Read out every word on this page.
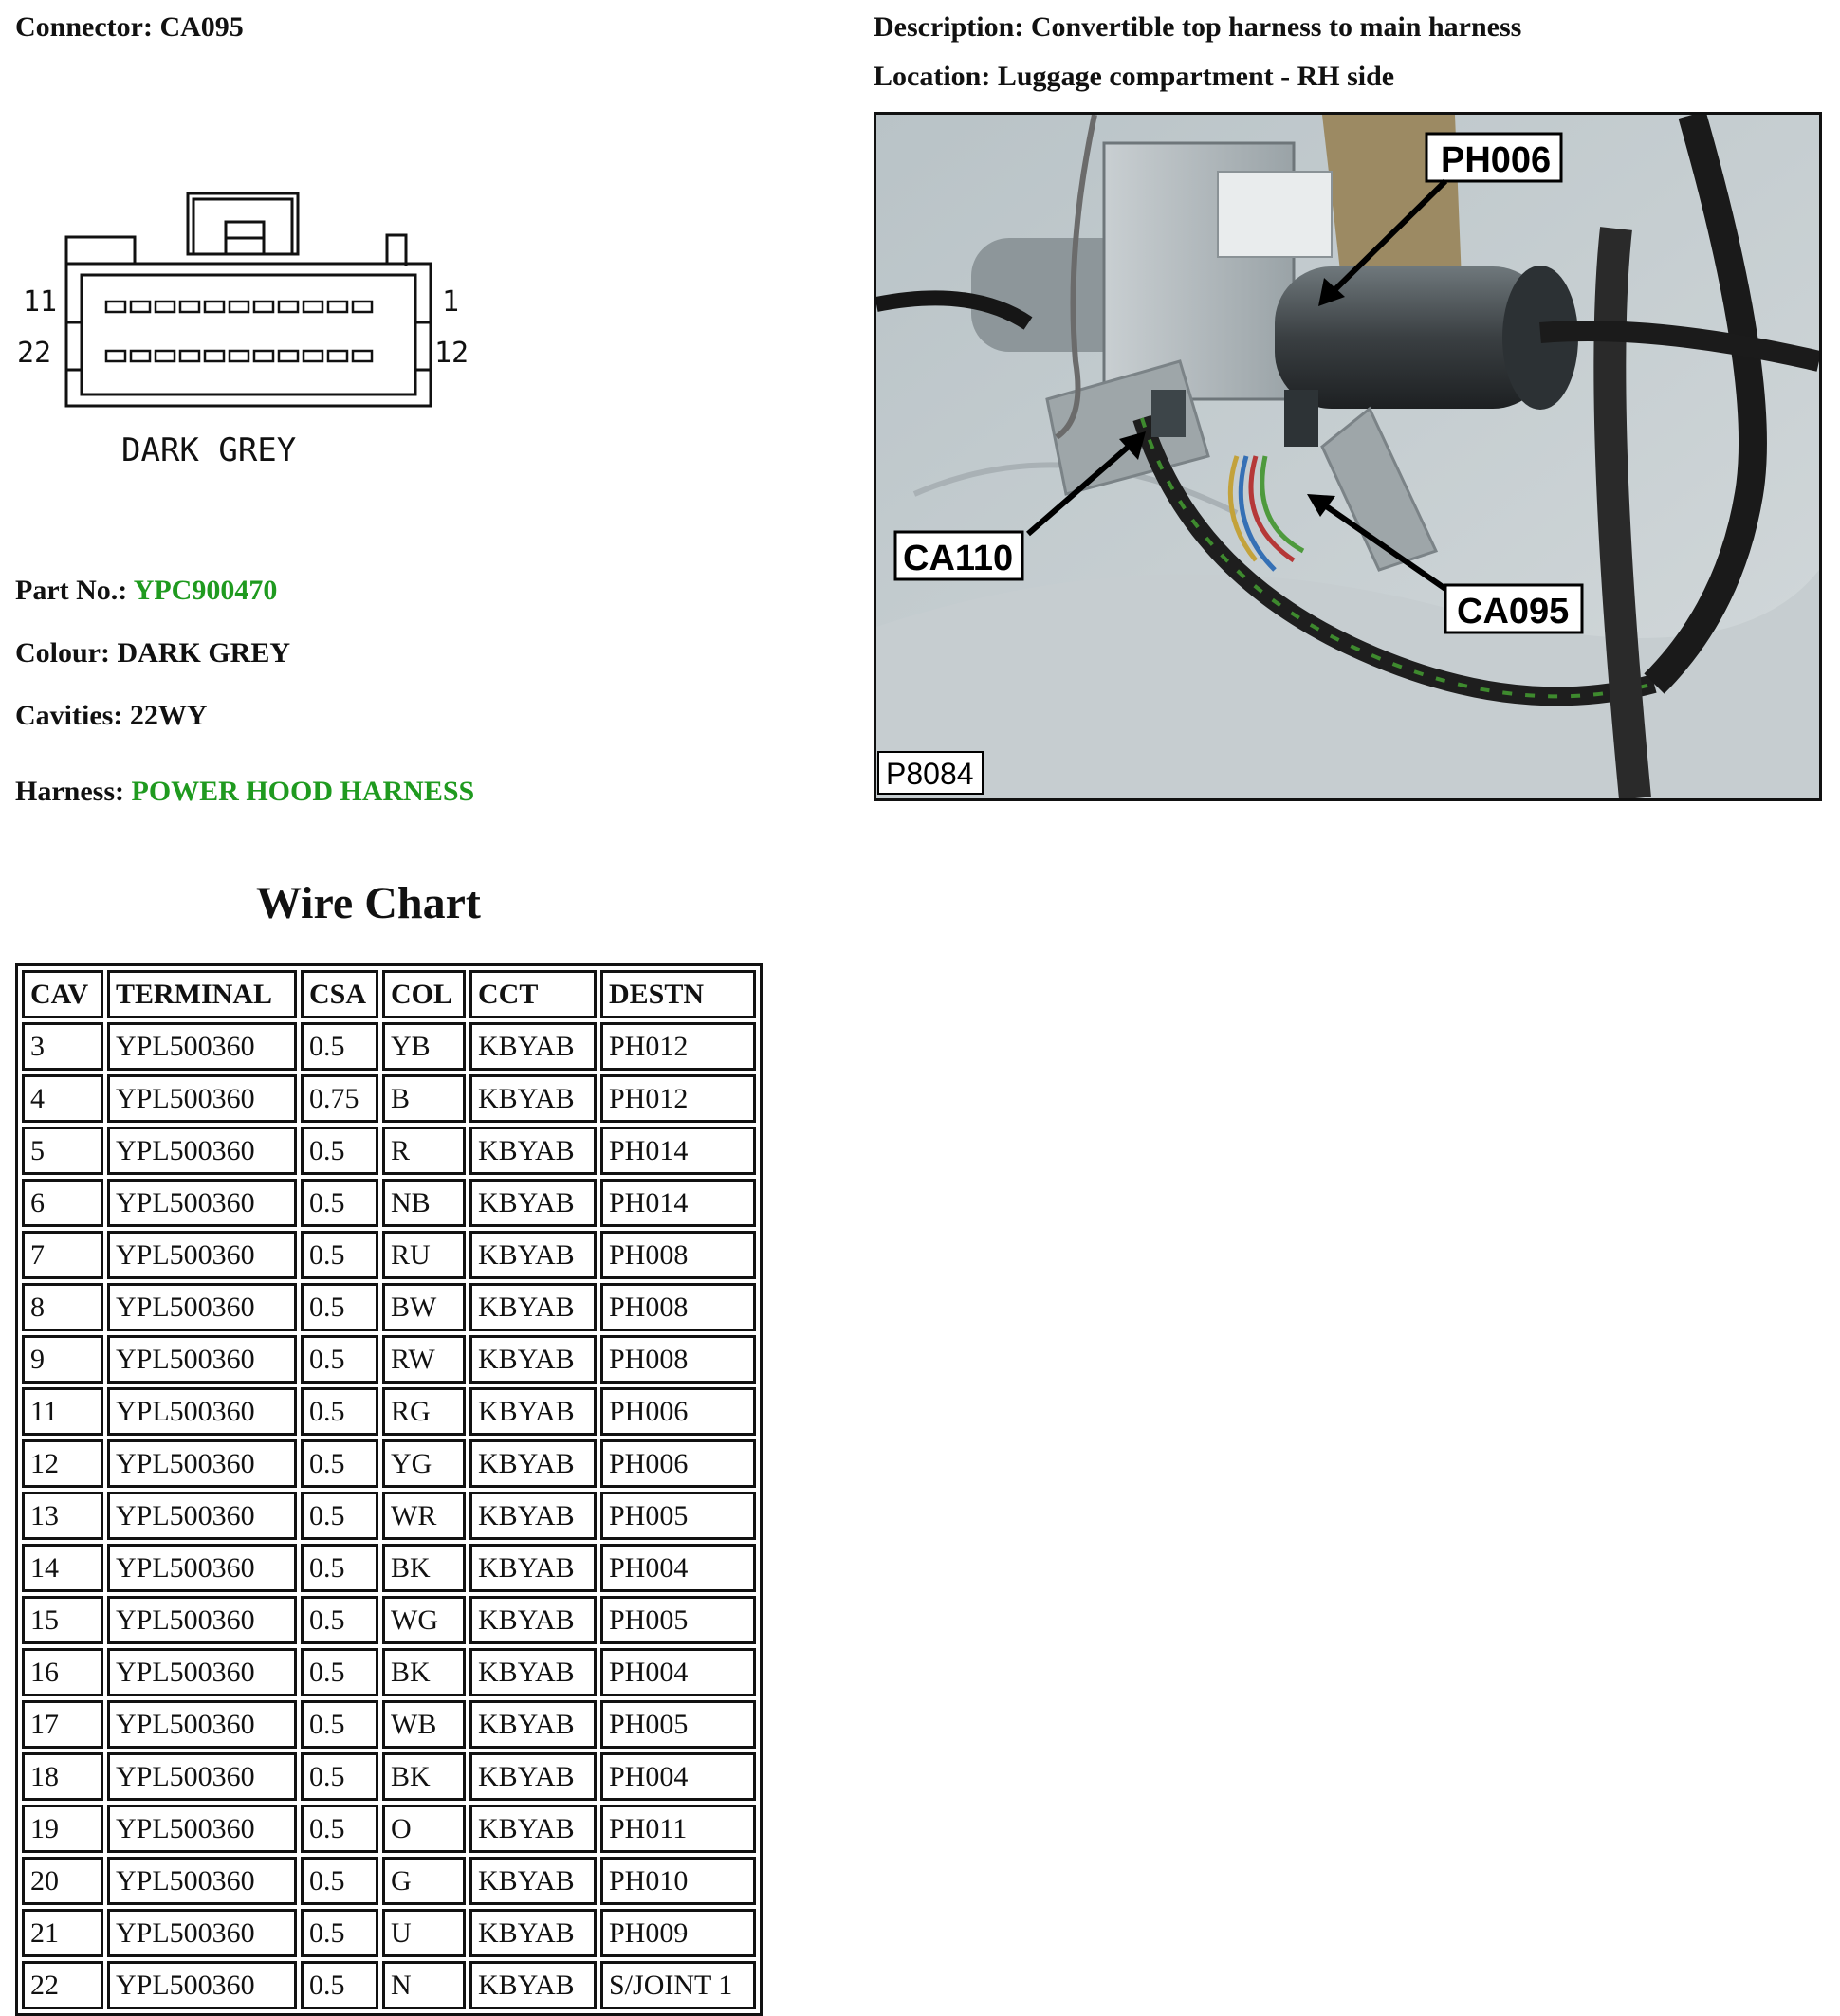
Connector: CA095	Description: Convertible top harness to main harness
Location: Luggage compartment - RH side
11
22
1
12
DARK GREY
Part No.: YPC900470
Colour: DARK GREY
Cavities: 22WY
Harness: POWER HOOD HARNESS
PH006
CA110
CA095
P8084
Wire Chart
CAV	TERMINAL	CSA	COL	CCT	DESTN
3	YPL500360	0.5	YB	KBYAB	PH012
4	YPL500360	0.75	B	KBYAB	PH012
5	YPL500360	0.5	R	KBYAB	PH014
6	YPL500360	0.5	NB	KBYAB	PH014
7	YPL500360	0.5	RU	KBYAB	PH008
8	YPL500360	0.5	BW	KBYAB	PH008
9	YPL500360	0.5	RW	KBYAB	PH008
11	YPL500360	0.5	RG	KBYAB	PH006
12	YPL500360	0.5	YG	KBYAB	PH006
13	YPL500360	0.5	WR	KBYAB	PH005
14	YPL500360	0.5	BK	KBYAB	PH004
15	YPL500360	0.5	WG	KBYAB	PH005
16	YPL500360	0.5	BK	KBYAB	PH004
17	YPL500360	0.5	WB	KBYAB	PH005
18	YPL500360	0.5	BK	KBYAB	PH004
19	YPL500360	0.5	O	KBYAB	PH011
20	YPL500360	0.5	G	KBYAB	PH010
21	YPL500360	0.5	U	KBYAB	PH009
22	YPL500360	0.5	N	KBYAB	S/JOINT 1
